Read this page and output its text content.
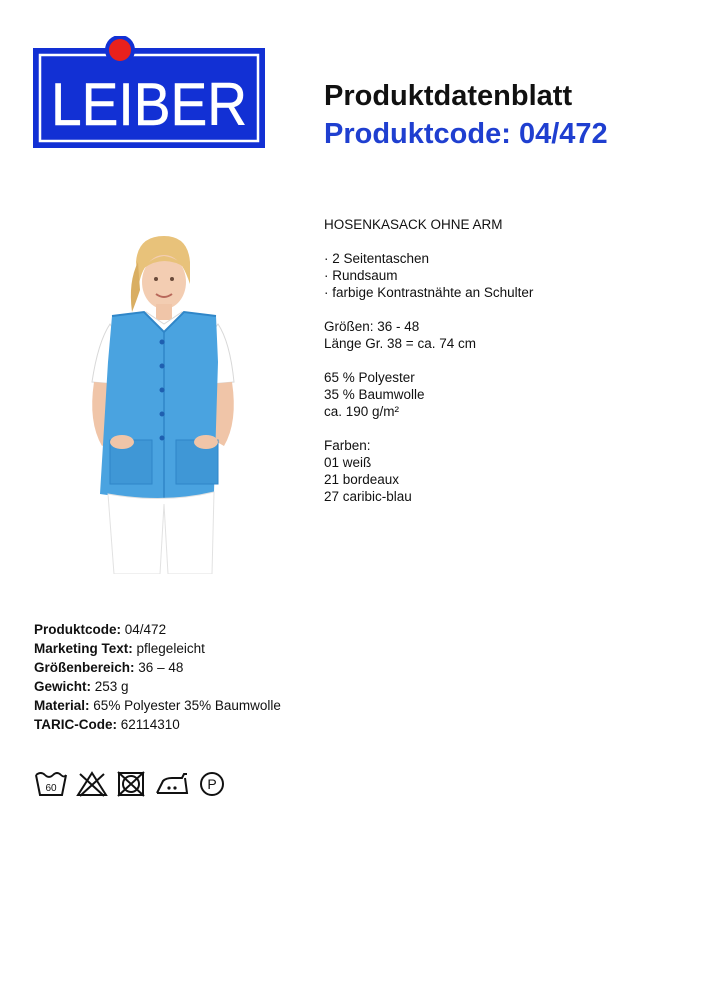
LEIBER	Produktdatenblatt
Produktcode: 04/472
HOSENKASACK OHNE ARM
· 2 Seitentaschen
· Rundsaum
· farbige Kontrastnähte an Schulter
Größen: 36 - 48
Länge Gr. 38 = ca. 74 cm
65 % Polyester
35 % Baumwolle
ca. 190 g/m²
Farben:
01 weiß
21 bordeaux
27 caribic-blau
Produktcode: 04/472
Marketing Text: pflegeleicht
Größenbereich: 36 – 48
Gewicht: 253 g
Material: 65% Polyester 35% Baumwolle
TARIC-Code: 62114310
60	P
